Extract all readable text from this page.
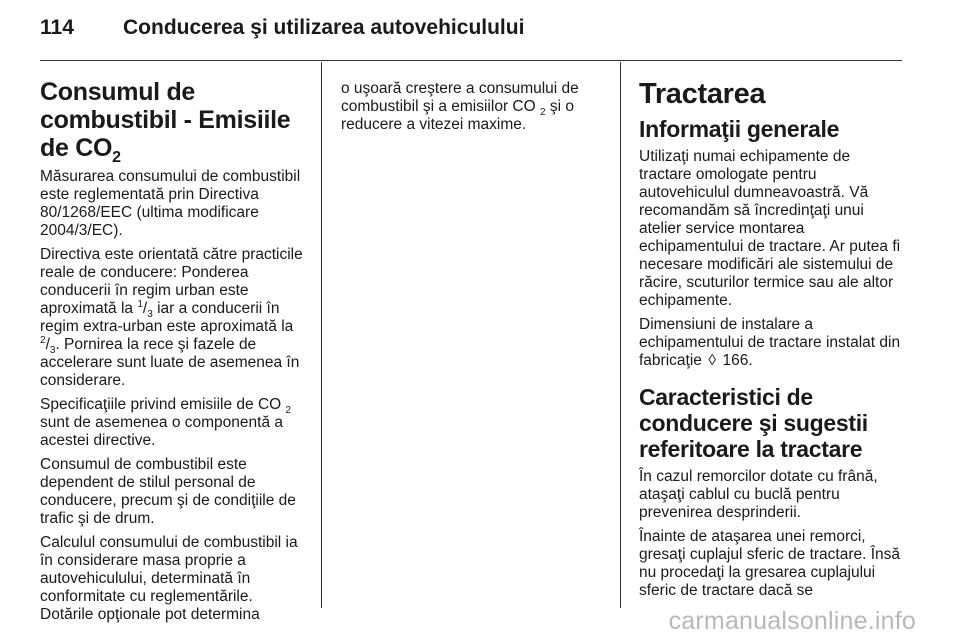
114 Conducerea şi utilizarea autovehiculului
Consumul de combustibil - Emisiile de $CO_2$

Măsurarea consumului de combustibil este reglementată prin Directiva 80/1268/EEC (ultima modificare 2004/3/EC).

Directiva este orientată către practicile reale de conducere: Ponderea conducerii în regim urban este aproximată la $^1/_3$ iar a conducerii în regim extra-urban este aproximată la $^2/_3$. Pornirea la rece şi fazele de accelerare sunt luate de asemenea în considerare.

Specificaţiile privind emisiile de CO $_2$ sunt de asemenea o componentă a acestei directive.

Consumul de combustibil este dependent de stilul personal de conducere, precum şi de condiţiile de trafic şi de drum.

Calculul consumului de combustibil ia în considerare masa proprie a autovehiculului, determinată în conformitate cu reglementările. Dotările opţionale pot determina

o uşoară creştere a consumului de combustibil şi a emisiilor CO $_2$ şi o reducere a vitezei maxime.

Tractarea
Informaţii generale

Utilizaţi numai echipamente de tractare omologate pentru autovehiculul dumneavoastră. Vă recomandăm să încredinţaţi unui atelier service montarea echipamentului de tractare. Ar putea fi necesare modificări ale sistemului de răcire, scuturilor termice sau ale altor echipamente.

Dimensiuni de instalare a echipamentului de tractare instalat din fabricaţie ◊ 166.

Caracteristici de conducere şi sugestii referitoare la tractare

În cazul remorcilor dotate cu frână, ataşaţi cablul cu buclă pentru prevenirea desprinderii.

Înainte de ataşarea unei remorci, gresaţi cuplajul sferic de tractare. Însă nu procedaţi la gresarea cuplajului sferic de tractare dacă se

carmanualsonline.info
